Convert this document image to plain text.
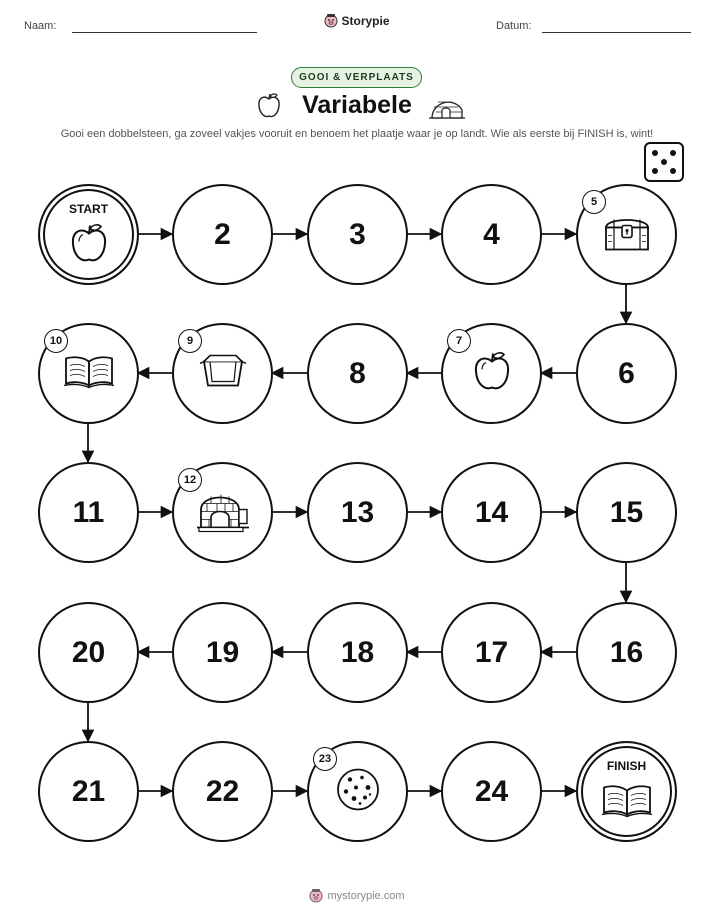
Naam:	Datum:
Storypie
GOOI & VERPLAATS
Variabele
Gooi een dobbelsteen, ga zoveel vakjes vooruit en benoem het plaatje waar je op landt. Wie als eerste bij FINISH is, wint!
START
2	3	4
5
6
7
8
9
10
11
12
13	14	15
16
17
18
19
20
21	22
23
24
FINISH
mystorypie.com
